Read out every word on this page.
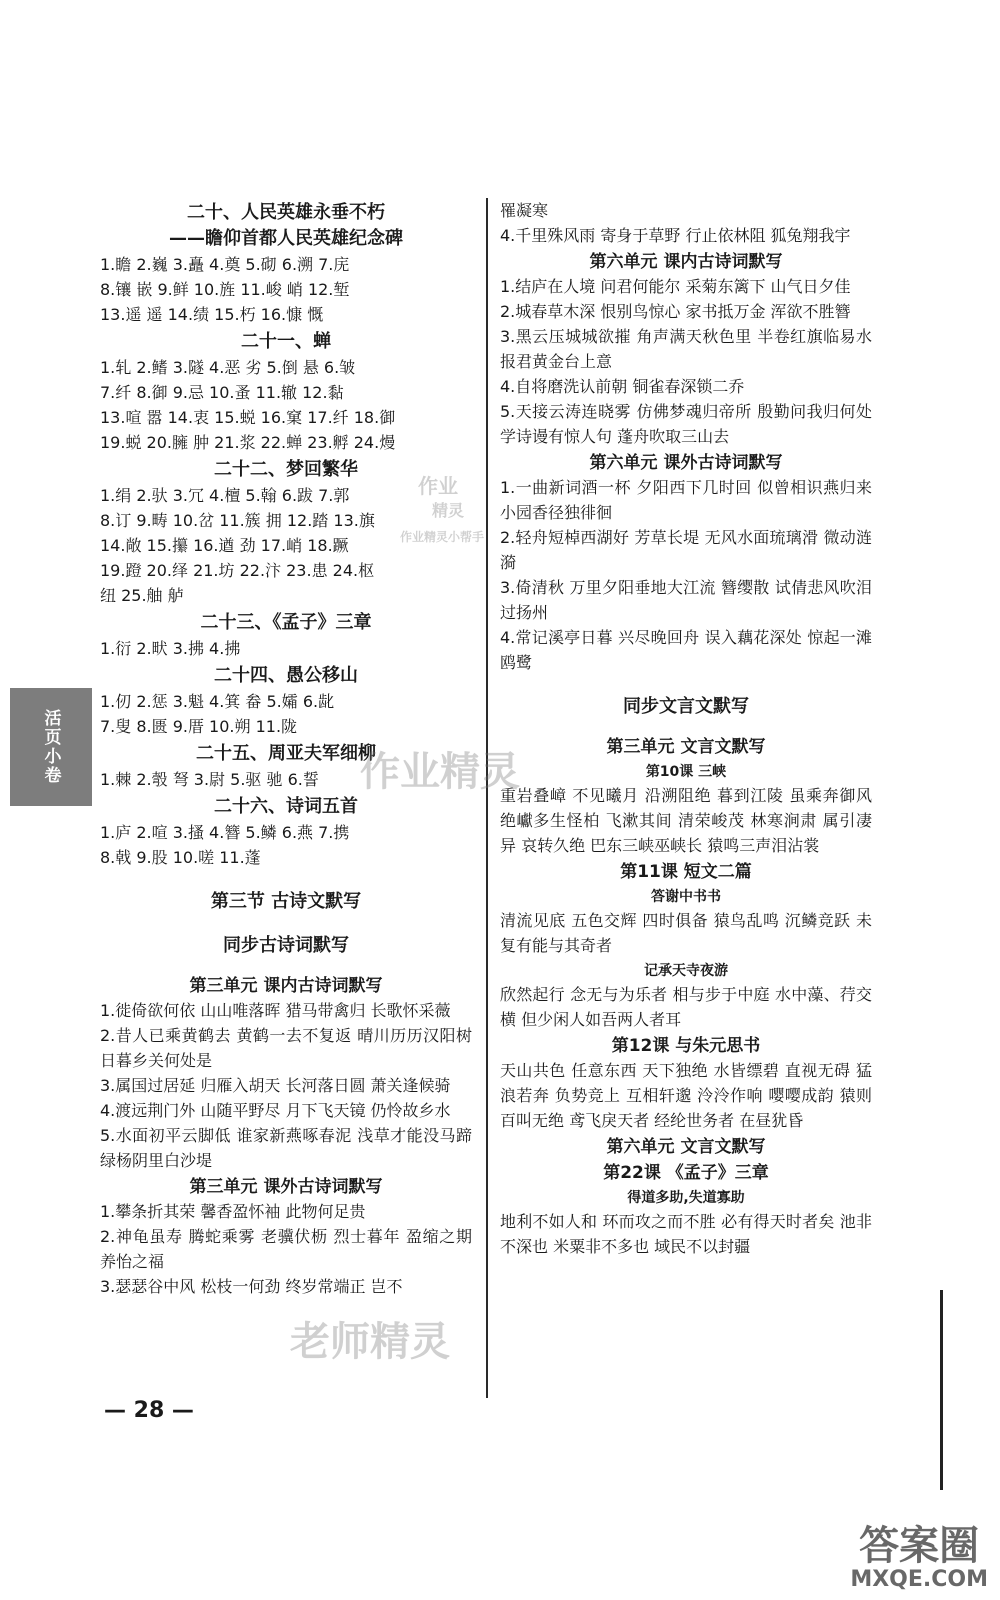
二十、人民英雄永垂不朽
——瞻仰首都人民英雄纪念碑
1.瞻 2.巍 3.矗 4.奠 5.砌 6.溯 7.庑
8.镶 嵌 9.鲜 10.旌 11.峻 峭 12.堑
13.遥 遥 14.绩 15.朽 16.慷 慨
二十一、蝉
1.轧 2.鳍 3.隧 4.恶 劣 5.倒 悬 6.皱
7.纤 8.御 9.忌 10.蚤 11.辙 12.黏
13.喧 嚣 14.衷 15.蜕 16.窠 17.纤 18.御
19.蜕 20.臃 肿 21.浆 22.蝉 23.孵 24.熳
二十二、梦回繁华
1.绢 2.驮 3.冗 4.檀 5.翰 6.跋 7.郭
8.订 9.畴 10.岔 11.簇 拥 12.踏 13.旗
14.敞 15.攥 16.遒 劲 17.峭 18.蹶
19.蹬 20.绎 21.坊 22.汴 23.患 24.枢
纽 25.舳 舻
二十三、《孟子》三章
1.衍 2.畎 3.拂 4.拂
二十四、愚公移山
1.仞 2.惩 3.魁 4.箕 畚 5.孀 6.龀
7.叟 8.匮 9.厝 10.朔 11.陇
二十五、周亚夫军细柳
1.棘 2.彀 弩 3.尉 5.驱 驰 6.誓
二十六、诗词五首
1.庐 2.喧 3.搔 4.簪 5.鳞 6.燕 7.携
8.戟 9.股 10.嗟 11.蓬
第三节 古诗文默写
同步古诗词默写
第三单元 课内古诗词默写
1.徙倚欲何依 山山唯落晖 猎马带禽归 长歌怀采薇
2.昔人已乘黄鹤去 黄鹤一去不复返 晴川历历汉阳树 日暮乡关何处是
3.属国过居延 归雁入胡天 长河落日圆 萧关逢候骑
4.渡远荆门外 山随平野尽 月下飞天镜 仍怜故乡水
5.水面初平云脚低 谁家新燕啄春泥 浅草才能没马蹄 绿杨阴里白沙堤
第三单元 课外古诗词默写
1.攀条折其荣 馨香盈怀袖 此物何足贵
2.神龟虽寿 腾蛇乘雾 老骥伏枥 烈士暮年 盈缩之期 养怡之福
3.瑟瑟谷中风 松枝一何劲 终岁常端正 岂不
罹凝寒
4.千里殊风雨 寄身于草野 行止依林阻 狐兔翔我宇
第六单元 课内古诗词默写
1.结庐在人境 问君何能尔 采菊东篱下 山气日夕佳
2.城春草木深 恨别鸟惊心 家书抵万金 浑欲不胜簪
3.黑云压城城欲摧 角声满天秋色里 半卷红旗临易水 报君黄金台上意
4.自将磨洗认前朝 铜雀春深锁二乔
5.天接云涛连晓雾 仿佛梦魂归帝所 殷勤问我归何处 学诗谩有惊人句 蓬舟吹取三山去
第六单元 课外古诗词默写
1.一曲新词酒一杯 夕阳西下几时回 似曾相识燕归来 小园香径独徘徊
2.轻舟短棹西湖好 芳草长堤 无风水面琉璃滑 微动涟漪
3.倚清秋 万里夕阳垂地大江流 簪缨散 试倩悲风吹泪过扬州
4.常记溪亭日暮 兴尽晚回舟 误入藕花深处 惊起一滩鸥鹭
同步文言文默写
第三单元 文言文默写
第10课 三峡
重岩叠嶂 不见曦月 沿溯阻绝 暮到江陵 虽乘奔御风 绝巘多生怪柏 飞漱其间 清荣峻茂 林寒涧肃 属引凄异 哀转久绝 巴东三峡巫峡长 猿鸣三声泪沾裳
第11课 短文二篇
答谢中书书
清流见底 五色交辉 四时俱备 猿鸟乱鸣 沉鳞竞跃 未复有能与其奇者
记承天寺夜游
欣然起行 念无与为乐者 相与步于中庭 水中藻、荇交横 但少闲人如吾两人者耳
第12课 与朱元思书
天山共色 任意东西 天下独绝 水皆缥碧 直视无碍 猛浪若奔 负势竞上 互相轩邈 泠泠作响 嘤嘤成韵 猿则百叫无绝 鸢飞戾天者 经纶世务者 在昼犹昏
第六单元 文言文默写
第22课 《孟子》三章
得道多助,失道寡助
地利不如人和 环而攻之而不胜 必有得天时者矣 池非不深也 米粟非不多也 域民不以封疆
活页小卷
— 28 —
作业
精灵
作业精灵小帮手
作业精灵
老师精灵
答案圈
MXQE.COM
